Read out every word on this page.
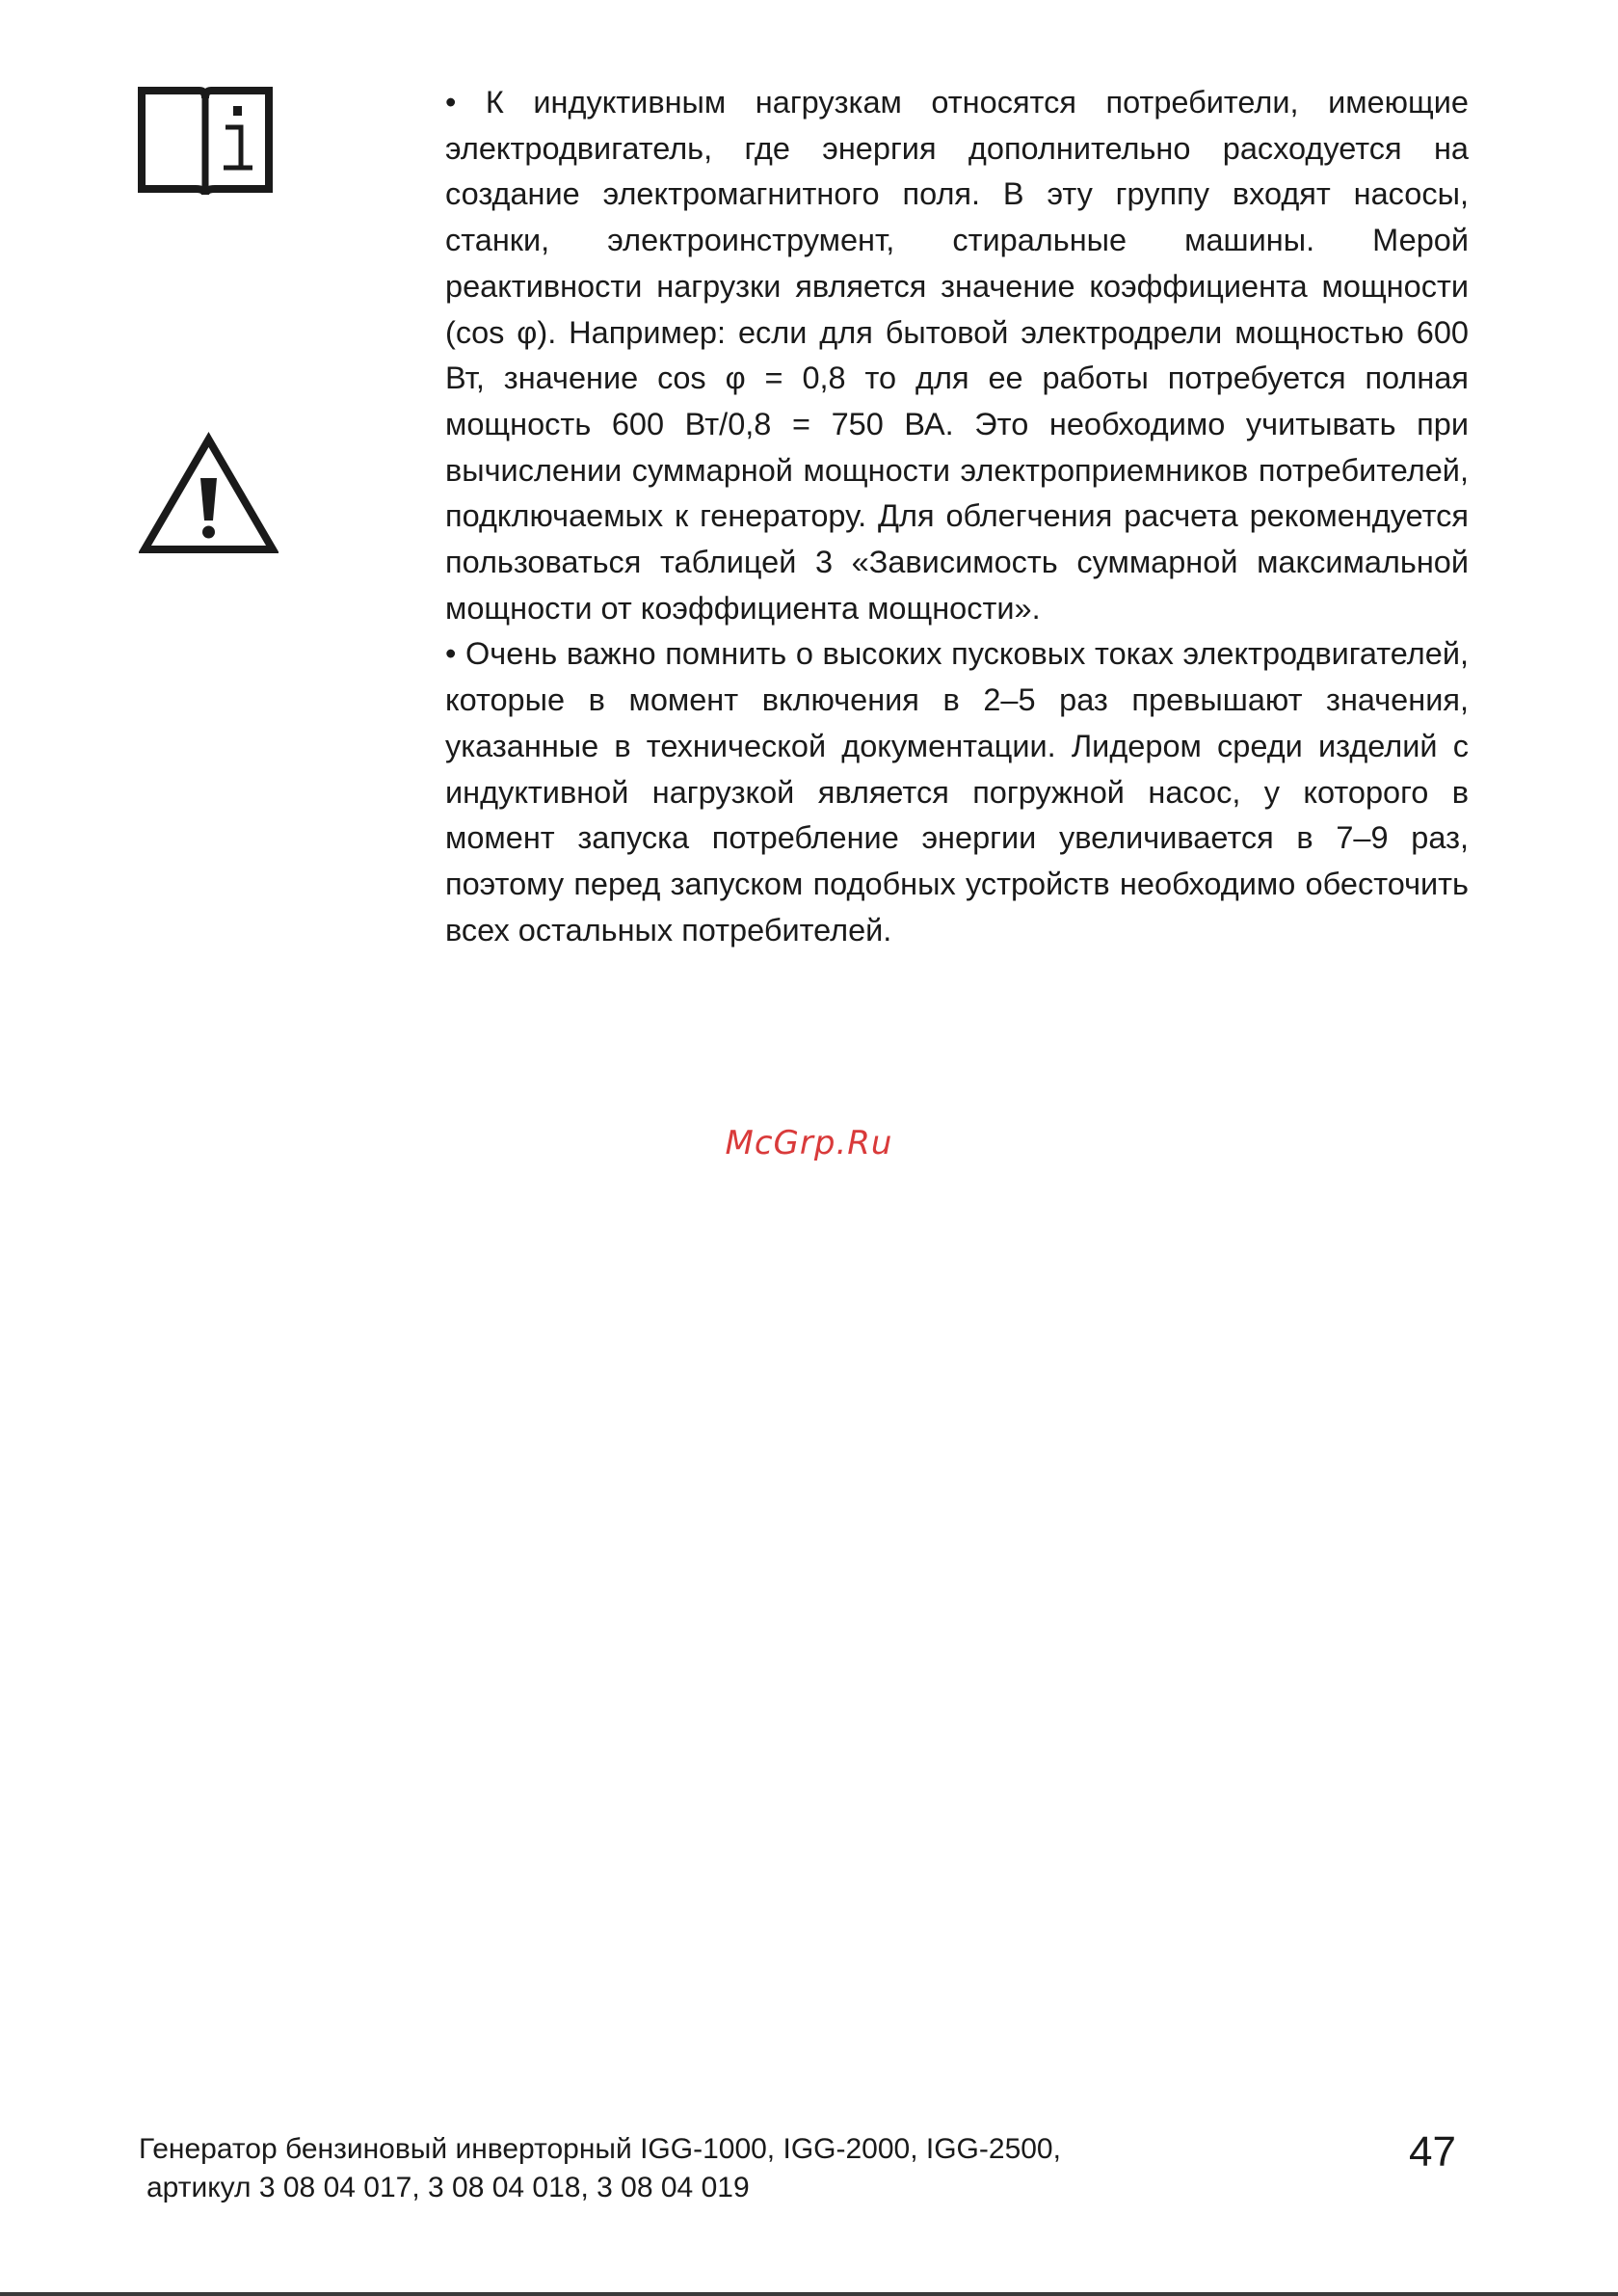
• К индуктивным нагрузкам относятся потребители, имеющие электродвигатель, где энергия дополнительно расходуется на создание электромагнитного поля. В эту группу входят насосы, станки, электроинструмент, стиральные машины. Мерой реактивности нагрузки является значение коэффициента мощности (cos φ). Например: если для бытовой электродрели мощностью 600 Вт, значение cos φ = 0,8 то для ее работы потребуется полная мощность 600 Вт/0,8 = 750 ВА. Это необходимо учитывать при вычислении суммарной мощности электроприемников потребителей, подключаемых к генератору. Для облегчения расчета рекомендуется пользоваться таблицей 3 «Зависимость суммарной максимальной мощности от коэффициента мощности».

• Очень важно помнить о высоких пусковых токах электродвигателей, которые в момент включения в 2–5 раз превышают значения, указанные в технической документации. Лидером среди изделий с индуктивной нагрузкой является погружной насос, у которого в момент запуска потребление энергии увеличивается в 7–9 раз, поэтому перед запуском подобных устройств необходимо обесточить всех остальных потребителей.

McGrp.Ru
Генератор бензиновый инверторный IGG-1000, IGG-2000, IGG-2500,
артикул 3 08 04 017, 3 08 04 018, 3 08 04 019
47
